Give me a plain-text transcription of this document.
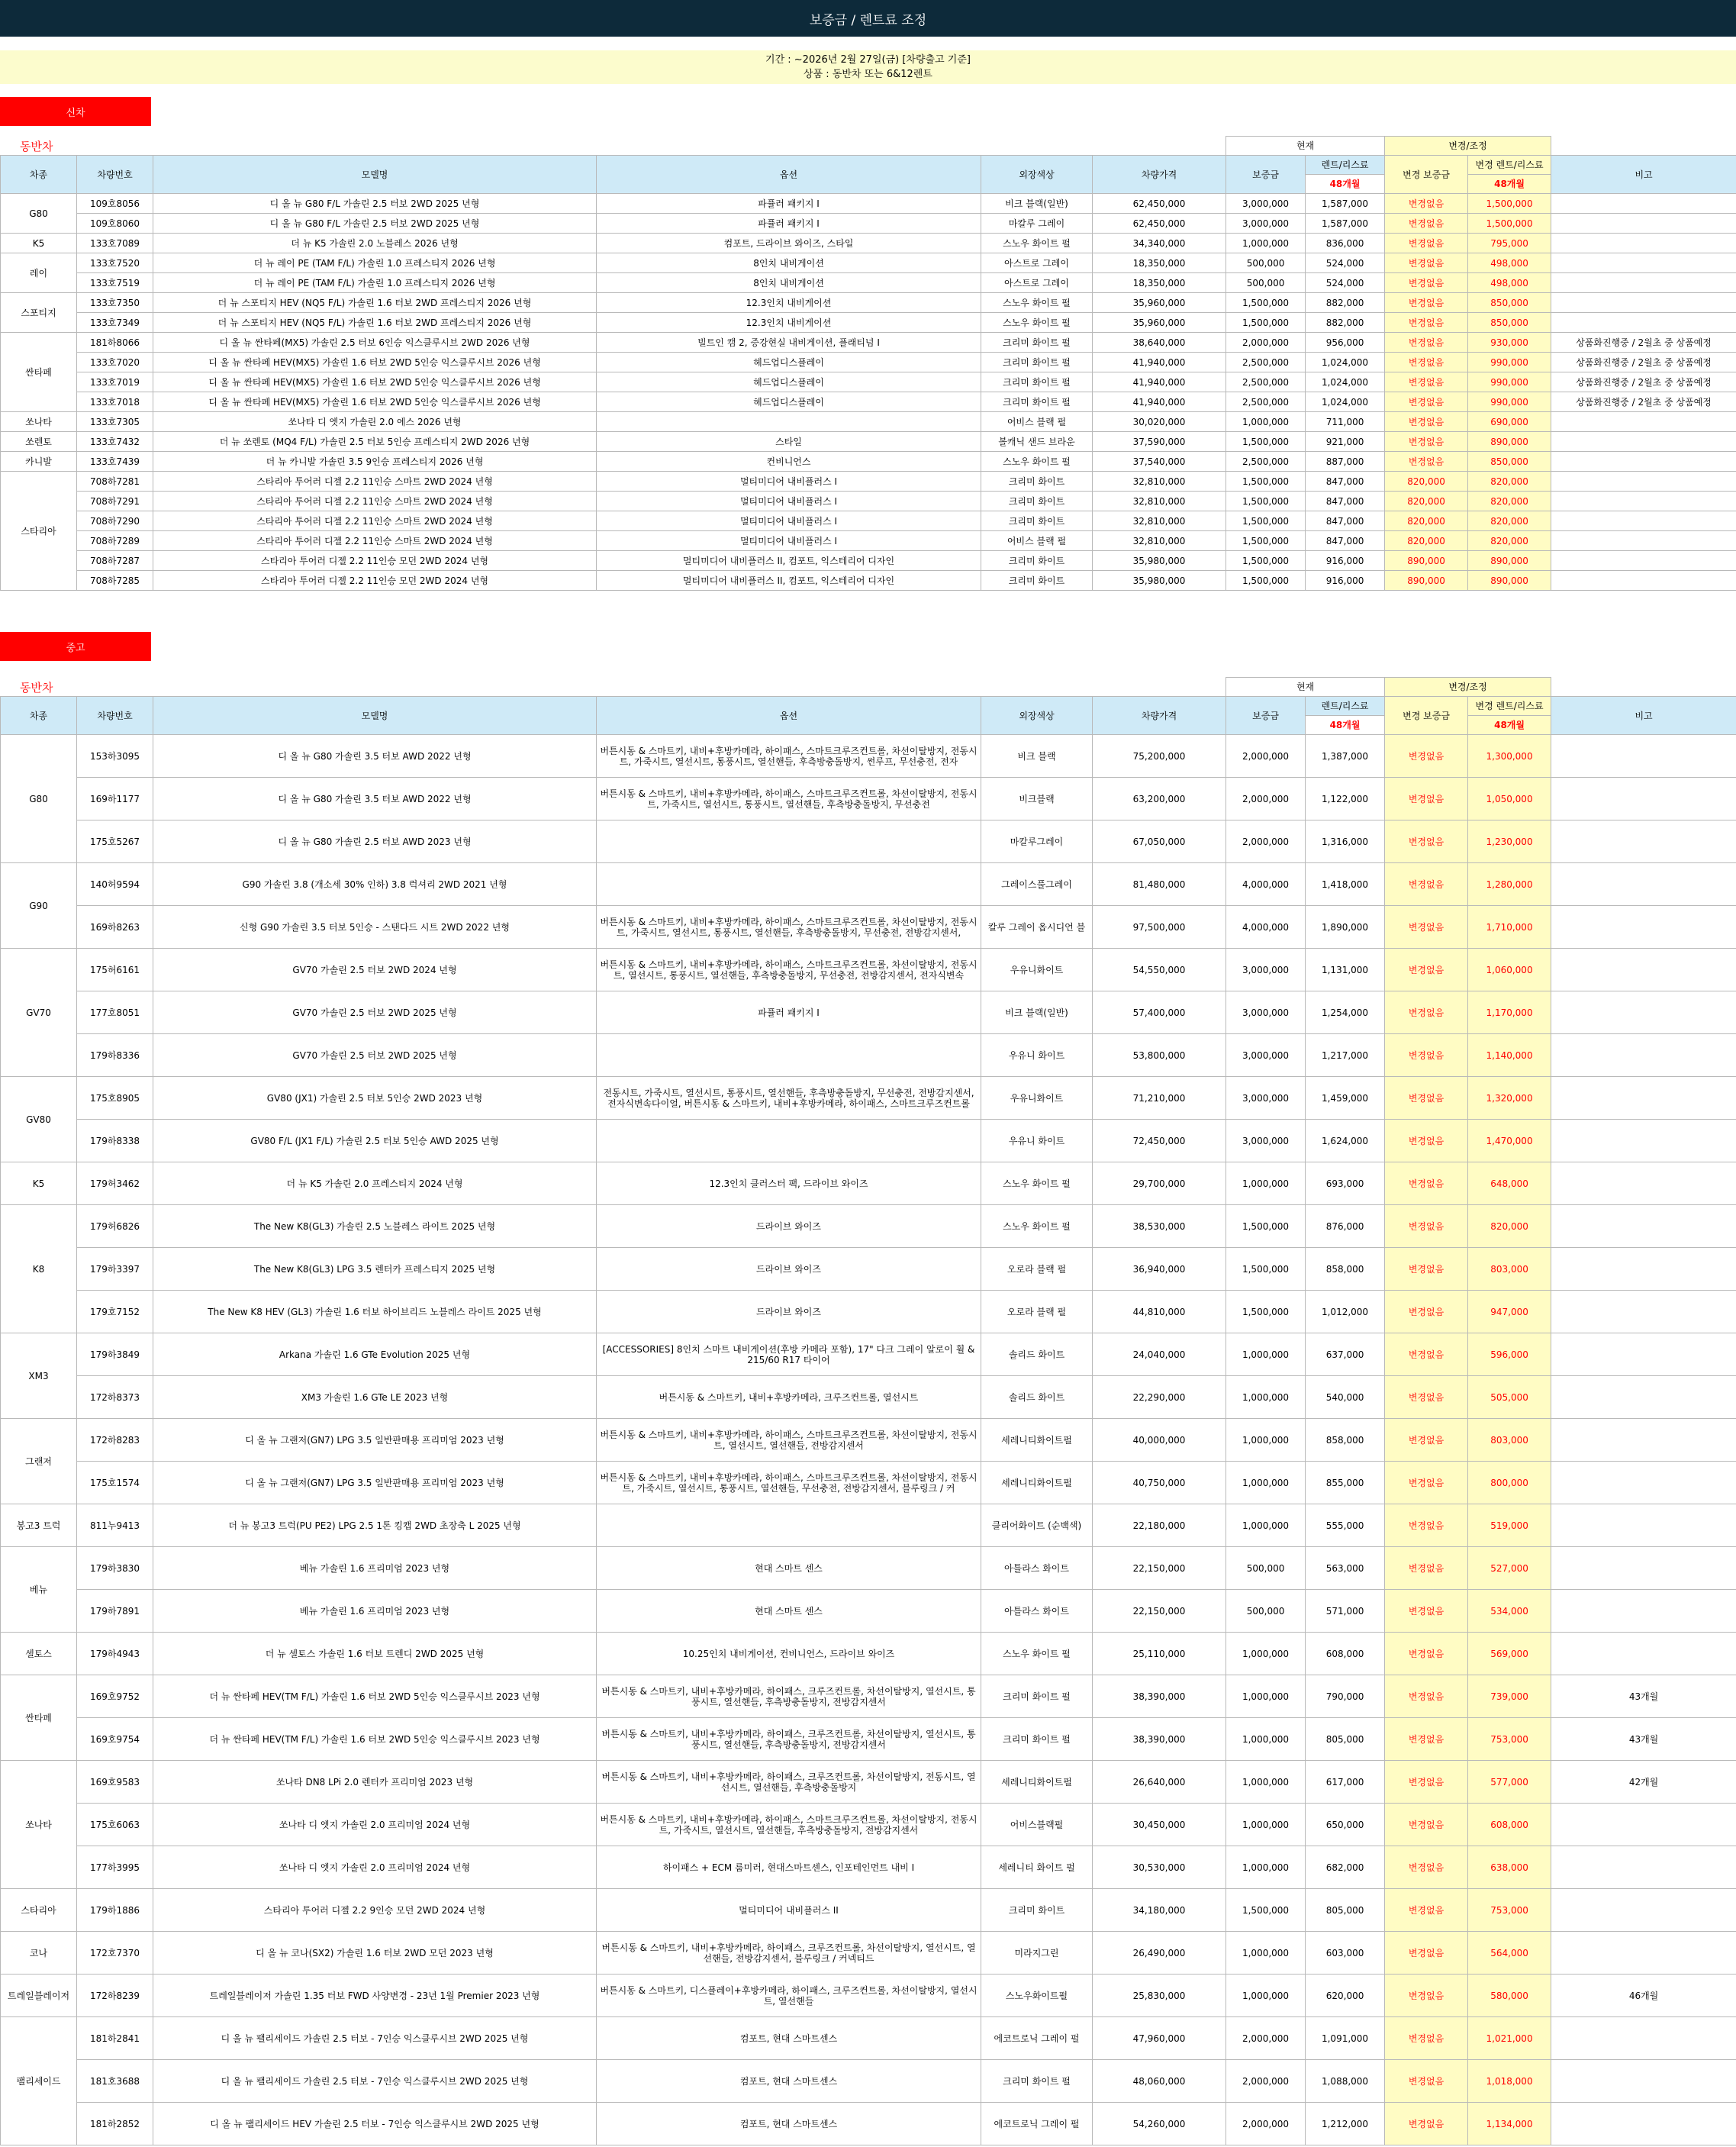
보증금 / 렌트료 조정
기간 : ~2026년 2월 27일(금) [차량출고 기준]
상품 : 동반차 또는 6&12렌트
신차
동반차
						현재		변경/조정		
차종	차량번호	모델명	옵션	외장색상	차량가격	보증금	렌트/리스료	변경 보증금	변경 렌트/리스료	비고
							48개월		48개월	
G80	109호8056	디 올 뉴 G80 F/L 가솔린 2.5 터보 2WD 2025 년형	파퓰러 패키지 I	비크 블랙(일반)	62,450,000	3,000,000	1,587,000	변경없음	1,500,000	
	109호8060	디 올 뉴 G80 F/L 가솔린 2.5 터보 2WD 2025 년형	파퓰러 패키지 I	마칼루 그레이	62,450,000	3,000,000	1,587,000	변경없음	1,500,000	
K5	133호7089	더 뉴 K5 가솔린 2.0 노블레스 2026 년형	컴포트, 드라이브 와이즈, 스타일	스노우 화이트 펄	34,340,000	1,000,000	836,000	변경없음	795,000	
레이	133호7520	더 뉴 레이 PE (TAM F/L) 가솔린 1.0 프레스티지 2026 년형	8인치 내비게이션	아스트로 그레이	18,350,000	500,000	524,000	변경없음	498,000	
	133호7519	더 뉴 레이 PE (TAM F/L) 가솔린 1.0 프레스티지 2026 년형	8인치 내비게이션	아스트로 그레이	18,350,000	500,000	524,000	변경없음	498,000	
스포티지	133호7350	더 뉴 스포티지 HEV (NQ5 F/L) 가솔린 1.6 터보 2WD 프레스티지 2026 년형	12.3인치 내비게이션	스노우 화이트 펄	35,960,000	1,500,000	882,000	변경없음	850,000	
	133호7349	더 뉴 스포티지 HEV (NQ5 F/L) 가솔린 1.6 터보 2WD 프레스티지 2026 년형	12.3인치 내비게이션	스노우 화이트 펄	35,960,000	1,500,000	882,000	변경없음	850,000	
싼타페	181하8066	디 올 뉴 싼타페(MX5) 가솔린 2.5 터보 6인승 익스클루시브 2WD 2026 년형	빌트인 캠 2, 증강현실 내비게이션, 플래티넘 I	크리미 화이트 펄	38,640,000	2,000,000	956,000	변경없음	930,000	상품화진행중 / 2월초 중 상품예정
	133호7020	디 올 뉴 싼타페 HEV(MX5) 가솔린 1.6 터보 2WD 5인승 익스클루시브 2026 년형	헤드업디스플레이	크리미 화이트 펄	41,940,000	2,500,000	1,024,000	변경없음	990,000	상품화진행중 / 2월초 중 상품예정
	133호7019	디 올 뉴 싼타페 HEV(MX5) 가솔린 1.6 터보 2WD 5인승 익스클루시브 2026 년형	헤드업디스플레이	크리미 화이트 펄	41,940,000	2,500,000	1,024,000	변경없음	990,000	상품화진행중 / 2월초 중 상품예정
	133호7018	디 올 뉴 싼타페 HEV(MX5) 가솔린 1.6 터보 2WD 5인승 익스클루시브 2026 년형	헤드업디스플레이	크리미 화이트 펄	41,940,000	2,500,000	1,024,000	변경없음	990,000	상품화진행중 / 2월초 중 상품예정
쏘나타	133호7305	쏘나타 디 엣지 가솔린 2.0 에스 2026 년형		어비스 블랙 펄	30,020,000	1,000,000	711,000	변경없음	690,000	
쏘렌토	133호7432	더 뉴 쏘렌토 (MQ4 F/L) 가솔린 2.5 터보 5인승 프레스티지 2WD 2026 년형	스타일	볼캐닉 샌드 브라운	37,590,000	1,500,000	921,000	변경없음	890,000	
카니발	133호7439	더 뉴 카니발 가솔린 3.5 9인승 프레스티지 2026 년형	컨비니언스	스노우 화이트 펄	37,540,000	2,500,000	887,000	변경없음	850,000	
스타리아	708하7281	스타리아 투어러 디젤 2.2 11인승 스마트 2WD 2024 년형	멀티미디어 내비플러스 I	크리미 화이트	32,810,000	1,500,000	847,000	820,000	820,000	
	708하7291	스타리아 투어러 디젤 2.2 11인승 스마트 2WD 2024 년형	멀티미디어 내비플러스 I	크리미 화이트	32,810,000	1,500,000	847,000	820,000	820,000	
	708하7290	스타리아 투어러 디젤 2.2 11인승 스마트 2WD 2024 년형	멀티미디어 내비플러스 I	크리미 화이트	32,810,000	1,500,000	847,000	820,000	820,000	
	708하7289	스타리아 투어러 디젤 2.2 11인승 스마트 2WD 2024 년형	멀티미디어 내비플러스 I	어비스 블랙 펄	32,810,000	1,500,000	847,000	820,000	820,000	
	708하7287	스타리아 투어러 디젤 2.2 11인승 모던 2WD 2024 년형	멀티미디어 내비플러스 II, 컴포트, 익스테리어 디자인	크리미 화이트	35,980,000	1,500,000	916,000	890,000	890,000	
	708하7285	스타리아 투어러 디젤 2.2 11인승 모던 2WD 2024 년형	멀티미디어 내비플러스 II, 컴포트, 익스테리어 디자인	크리미 화이트	35,980,000	1,500,000	916,000	890,000	890,000	
중고
동반차
						현재		변경/조정		
차종	차량번호	모델명	옵션	외장색상	차량가격	보증금	렌트/리스료	변경 보증금	변경 렌트/리스료	비고
							48개월		48개월	
G80	153하3095	디 올 뉴 G80 가솔린 3.5 터보 AWD 2022 년형	버튼시동 & 스마트키, 내비+후방카메라, 하이패스, 스마트크루즈컨트롤, 차선이탈방지, 전동시트, 가죽시트, 열선시트, 통풍시트, 열선핸들, 후측방충돌방지, 썬루프, 무선충전, 전자	비크 블랙	75,200,000	2,000,000	1,387,000	변경없음	1,300,000	
	169하1177	디 올 뉴 G80 가솔린 3.5 터보 AWD 2022 년형	버튼시동 & 스마트키, 내비+후방카메라, 하이패스, 스마트크루즈컨트롤, 차선이탈방지, 전동시트, 가죽시트, 열선시트, 통풍시트, 열선핸들, 후측방충돌방지, 무선충전	비크블랙	63,200,000	2,000,000	1,122,000	변경없음	1,050,000	
	175호5267	디 올 뉴 G80 가솔린 2.5 터보 AWD 2023 년형		마칼루그레이	67,050,000	2,000,000	1,316,000	변경없음	1,230,000	
G90	140허9594	G90 가솔린 3.8 (개소세 30% 인하) 3.8 럭셔리 2WD 2021 년형		그레이스풀그레이	81,480,000	4,000,000	1,418,000	변경없음	1,280,000	
	169하8263	신형 G90 가솔린 3.5 터보 5인승 - 스탠다드 시트 2WD 2022 년형	버튼시동 & 스마트키, 내비+후방카메라, 하이패스, 스마트크루즈컨트롤, 차선이탈방지, 전동시트, 가죽시트, 열선시트, 통풍시트, 열선핸들, 후측방충돌방지, 무선충전, 전방감지센서,	칼루 그레이 옵시디언 블	97,500,000	4,000,000	1,890,000	변경없음	1,710,000	
GV70	175허6161	GV70 가솔린 2.5 터보 2WD 2024 년형	버튼시동 & 스마트키, 내비+후방카메라, 하이패스, 스마트크루즈컨트롤, 차선이탈방지, 전동시트, 열선시트, 통풍시트, 열선핸들, 후측방충돌방지, 무선충전, 전방감지센서, 전자식변속	우유니화이트	54,550,000	3,000,000	1,131,000	변경없음	1,060,000	
	177호8051	GV70 가솔린 2.5 터보 2WD 2025 년형	파퓰러 패키지 I	비크 블랙(일반)	57,400,000	3,000,000	1,254,000	변경없음	1,170,000	
	179하8336	GV70 가솔린 2.5 터보 2WD 2025 년형		우유니 화이트	53,800,000	3,000,000	1,217,000	변경없음	1,140,000	
GV80	175호8905	GV80 (JX1) 가솔린 2.5 터보 5인승 2WD 2023 년형	전동시트, 가죽시트, 열선시트, 통풍시트, 열선핸들, 후측방충돌방지, 무선충전, 전방감지센서, 전자식변속다이얼, 버튼시동 & 스마트키, 내비+후방카메라, 하이패스, 스마트크루즈컨트롤	우유니화이트	71,210,000	3,000,000	1,459,000	변경없음	1,320,000	
	179하8338	GV80 F/L (JX1 F/L) 가솔린 2.5 터보 5인승 AWD 2025 년형		우유니 화이트	72,450,000	3,000,000	1,624,000	변경없음	1,470,000	
K5	179허3462	더 뉴 K5 가솔린 2.0 프레스티지 2024 년형	12.3인치 클러스터 팩, 드라이브 와이즈	스노우 화이트 펄	29,700,000	1,000,000	693,000	변경없음	648,000	
K8	179허6826	The New K8(GL3) 가솔린 2.5 노블레스 라이트 2025 년형	드라이브 와이즈	스노우 화이트 펄	38,530,000	1,500,000	876,000	변경없음	820,000	
	179하3397	The New K8(GL3) LPG 3.5 렌터카 프레스티지 2025 년형	드라이브 와이즈	오로라 블랙 펄	36,940,000	1,500,000	858,000	변경없음	803,000	
	179호7152	The New K8 HEV (GL3) 가솔린 1.6 터보 하이브리드 노블레스 라이트 2025 년형	드라이브 와이즈	오로라 블랙 펄	44,810,000	1,500,000	1,012,000	변경없음	947,000	
XM3	179하3849	Arkana 가솔린 1.6 GTe Evolution 2025 년형	[ACCESSORIES] 8인치 스마트 내비게이션(후방 카메라 포함), 17" 다크 그레이 알로이 휠 & 215/60 R17 타이어	솔리드 화이트	24,040,000	1,000,000	637,000	변경없음	596,000	
	172하8373	XM3 가솔린 1.6 GTe LE 2023 년형	버튼시동 & 스마트키, 내비+후방카메라, 크루즈컨트롤, 열선시트	솔리드 화이트	22,290,000	1,000,000	540,000	변경없음	505,000	
그랜저	172하8283	디 올 뉴 그랜저(GN7) LPG 3.5 일반판매용 프리미엄 2023 년형	버튼시동 & 스마트키, 내비+후방카메라, 하이패스, 스마트크루즈컨트롤, 차선이탈방지, 전동시트, 열선시트, 열선핸들, 전방감지센서	세레니티화이트펄	40,000,000	1,000,000	858,000	변경없음	803,000	
	175호1574	디 올 뉴 그랜저(GN7) LPG 3.5 일반판매용 프리미엄 2023 년형	버튼시동 & 스마트키, 내비+후방카메라, 하이패스, 스마트크루즈컨트롤, 차선이탈방지, 전동시트, 가죽시트, 열선시트, 통풍시트, 열선핸들, 무선충전, 전방감지센서, 블루링크 / 커	세레니티화이트펄	40,750,000	1,000,000	855,000	변경없음	800,000	
봉고3 트럭	811누9413	더 뉴 봉고3 트럭(PU PE2) LPG 2.5 1톤 킹캡 2WD 초장축 L 2025 년형		클리어화이트 (순백색)	22,180,000	1,000,000	555,000	변경없음	519,000	
베뉴	179하3830	베뉴 가솔린 1.6 프리미엄 2023 년형	현대 스마트 센스	아틀라스 화이트	22,150,000	500,000	563,000	변경없음	527,000	
	179하7891	베뉴 가솔린 1.6 프리미엄 2023 년형	현대 스마트 센스	아틀라스 화이트	22,150,000	500,000	571,000	변경없음	534,000	
셀토스	179하4943	더 뉴 셀토스 가솔린 1.6 터보 트렌디 2WD 2025 년형	10.25인치 내비게이션, 컨비니언스, 드라이브 와이즈	스노우 화이트 펄	25,110,000	1,000,000	608,000	변경없음	569,000	
싼타페	169호9752	더 뉴 싼타페 HEV(TM F/L) 가솔린 1.6 터보 2WD 5인승 익스클루시브 2023 년형	버튼시동 & 스마트키, 내비+후방카메라, 하이패스, 크루즈컨트롤, 차선이탈방지, 열선시트, 통풍시트, 열선핸들, 후측방충돌방지, 전방감지센서	크리미 화이트 펄	38,390,000	1,000,000	790,000	변경없음	739,000	43개월
	169호9754	더 뉴 싼타페 HEV(TM F/L) 가솔린 1.6 터보 2WD 5인승 익스클루시브 2023 년형	버튼시동 & 스마트키, 내비+후방카메라, 하이패스, 크루즈컨트롤, 차선이탈방지, 열선시트, 통풍시트, 열선핸들, 후측방충돌방지, 전방감지센서	크리미 화이트 펄	38,390,000	1,000,000	805,000	변경없음	753,000	43개월
쏘나타	169호9583	쏘나타 DN8 LPi 2.0 렌터카 프리미엄 2023 년형	버튼시동 & 스마트키, 내비+후방카메라, 하이패스, 크루즈컨트롤, 차선이탈방지, 전동시트, 열선시트, 열선핸들, 후측방충돌방지	세레니티화이트펄	26,640,000	1,000,000	617,000	변경없음	577,000	42개월
	175호6063	쏘나타 디 엣지 가솔린 2.0 프리미엄 2024 년형	버튼시동 & 스마트키, 내비+후방카메라, 하이패스, 스마트크루즈컨트롤, 차선이탈방지, 전동시트, 가죽시트, 열선시트, 열선핸들, 후측방충돌방지, 전방감지센서	어비스블랙펄	30,450,000	1,000,000	650,000	변경없음	608,000	
	177하3995	쏘나타 디 엣지 가솔린 2.0 프리미엄 2024 년형	하이패스 + ECM 룸미러, 현대스마트센스, 인포테인먼트 내비 I	세레니티 화이트 펄	30,530,000	1,000,000	682,000	변경없음	638,000	
스타리아	179하1886	스타리아 투어러 디젤 2.2 9인승 모던 2WD 2024 년형	멀티미디어 내비플러스 II	크리미 화이트	34,180,000	1,500,000	805,000	변경없음	753,000	
코나	172호7370	디 올 뉴 코나(SX2) 가솔린 1.6 터보 2WD 모던 2023 년형	버튼시동 & 스마트키, 내비+후방카메라, 하이패스, 크루즈컨트롤, 차선이탈방지, 열선시트, 열선핸들, 전방감지센서, 블루링크 / 커넥티드	미라지그린	26,490,000	1,000,000	603,000	변경없음	564,000	
트레일블레이저	172하8239	트레일블레이저 가솔린 1.35 터보 FWD 사양변경 - 23년 1월 Premier 2023 년형	버튼시동 & 스마트키, 디스플레이+후방카메라, 하이패스, 크루즈컨트롤, 차선이탈방지, 열선시트, 열선핸들	스노우화이트펄	25,830,000	1,000,000	620,000	변경없음	580,000	46개월
팰리세이드	181하2841	디 올 뉴 팰리세이드 가솔린 2.5 터보 - 7인승 익스클루시브 2WD 2025 년형	컴포트, 현대 스마트센스	에코트로닉 그레이 펄	47,960,000	2,000,000	1,091,000	변경없음	1,021,000	
	181호3688	디 올 뉴 팰리세이드 가솔린 2.5 터보 - 7인승 익스클루시브 2WD 2025 년형	컴포트, 현대 스마트센스	크리미 화이트 펄	48,060,000	2,000,000	1,088,000	변경없음	1,018,000	
	181하2852	디 올 뉴 팰리세이드 HEV 가솔린 2.5 터보 - 7인승 익스클루시브 2WD 2025 년형	컴포트, 현대 스마트센스	에코트로닉 그레이 펄	54,260,000	2,000,000	1,212,000	변경없음	1,134,000	
